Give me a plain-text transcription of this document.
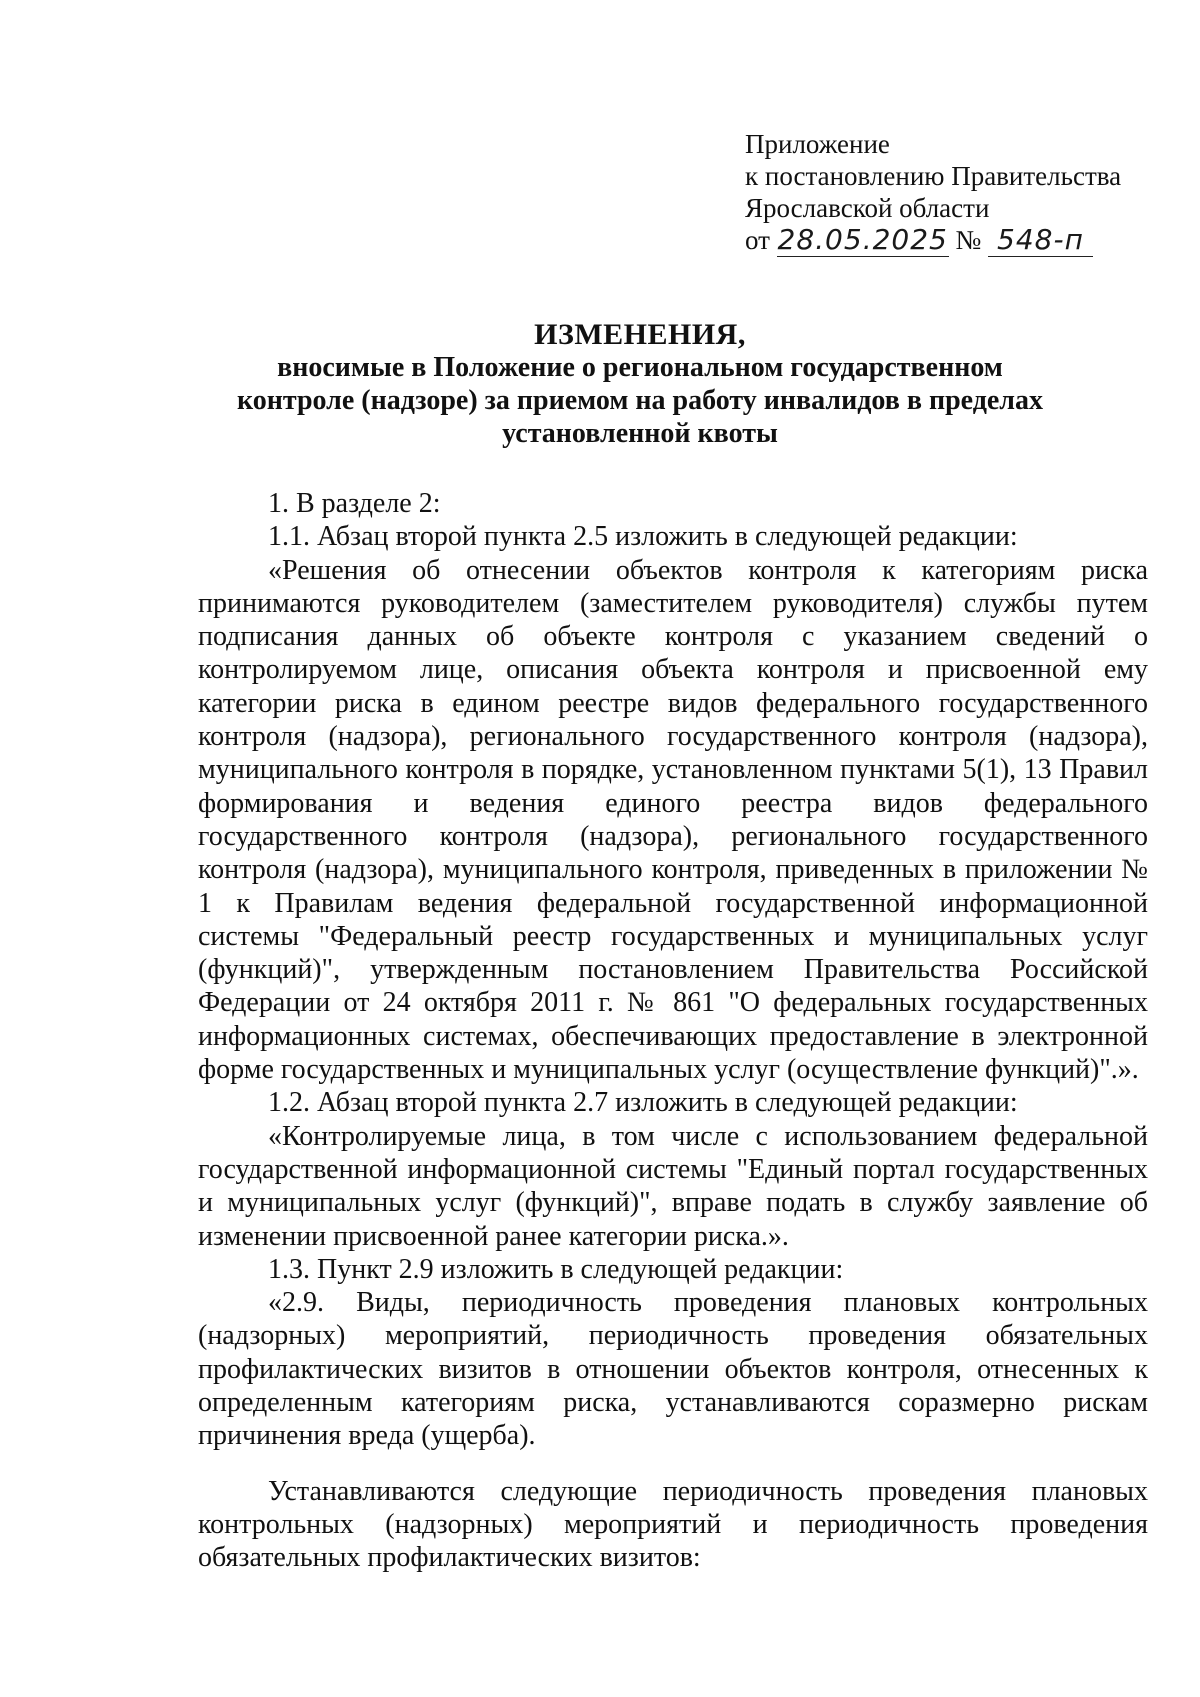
Приложение
к постановлению Правительства
Ярославской области
от 28.05.2025 № 548-п
ИЗМЕНЕНИЯ,
вносимые в Положение о региональном государственном
контроле (надзоре) за приемом на работу инвалидов в пределах
установленной квоты

1. В разделе 2:

1.1. Абзац второй пункта 2.5 изложить в следующей редакции:

«Решения об отнесении объектов контроля к категориям риска принимаются руководителем (заместителем руководителя) службы путем подписания данных об объекте контроля с указанием сведений о контролируемом лице, описания объекта контроля и присвоенной ему категории риска в едином реестре видов федерального государственного контроля (надзора), регионального государственного контроля (надзора), муниципального контроля в порядке, установленном пунктами 5(1), 13 Правил формирования и ведения единого реестра видов федерального государственного контроля (надзора), регионального государственного контроля (надзора), муниципального контроля, приведенных в приложении № 1 к Правилам ведения федеральной государственной информационной системы "Федеральный реестр государственных и муниципальных услуг (функций)", утвержденным постановлением Правительства Российской Федерации от 24 октября 2011 г. № 861 "О федеральных государственных информационных системах, обеспечивающих предоставление в электронной форме государственных и муниципальных услуг (осуществление функций)".».

1.2. Абзац второй пункта 2.7 изложить в следующей редакции:

«Контролируемые лица, в том числе с использованием федеральной государственной информационной системы "Единый портал государственных и муниципальных услуг (функций)", вправе подать в службу заявление об изменении присвоенной ранее категории риска.».

1.3. Пункт 2.9 изложить в следующей редакции:

«2.9. Виды, периодичность проведения плановых контрольных (надзорных) мероприятий, периодичность проведения обязательных профилактических визитов в отношении объектов контроля, отнесенных к определенным категориям риска, устанавливаются соразмерно рискам причинения вреда (ущерба).

Устанавливаются следующие периодичность проведения плановых контрольных (надзорных) мероприятий и периодичность проведения обязательных профилактических визитов:
